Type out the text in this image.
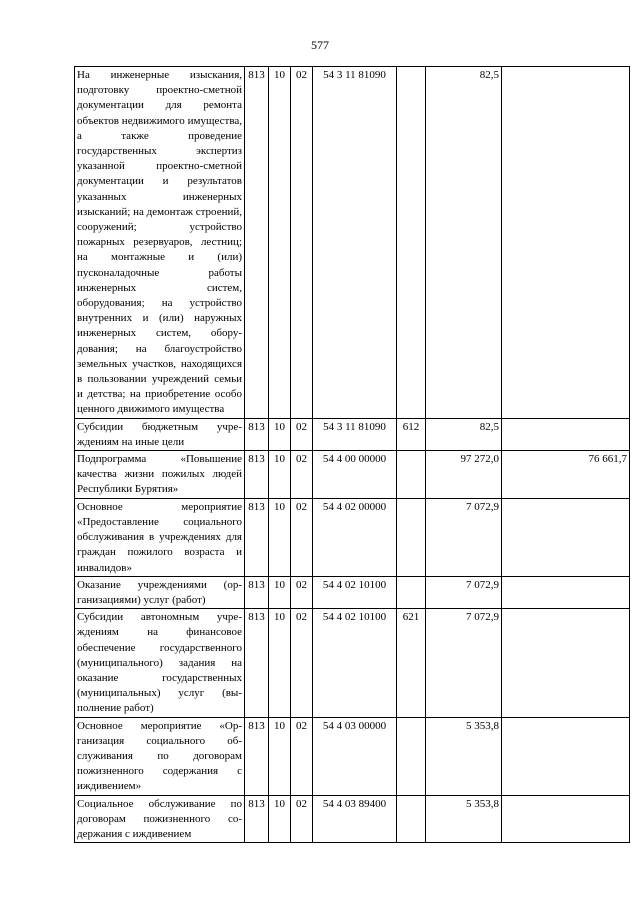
577
На инженерные изыскания, подготовку проектно-сметной документации для ремонта объектов недвижимого имущества, а также проведение государственных экспертиз указанной проектно-сметной документации и результатов указанных инженерных изысканий; на демонтаж строений, сооружений; устройство пожарных резервуаров, лестниц; на монтажные и (или) пусконаладочные работы инженерных систем, оборудования; на устройство внутренних и (или) наружных инженерных систем, оборудования; на благоустройство земельных участков, находящихся в пользовании учреждений семьи и детства; на приобретение особо ценного движимого имущества	813	10	02	54 3 11 81090		82,5	
Субсидии бюджетным учреждениям на иные цели	813	10	02	54 3 11 81090	612	82,5	
Подпрограмма «Повышение качества жизни пожилых людей Республики Бурятия»	813	10	02	54 4 00 00000		97 272,0	76 661,7
Основное мероприятие «Предоставление социального обслуживания в учреждениях для граждан пожилого возраста и инвалидов»	813	10	02	54 4 02 00000		7 072,9	
Оказание учреждениями (организациями) услуг (работ)	813	10	02	54 4 02 10100		7 072,9	
Субсидии автономным учреждениям на финансовое обеспечение государственного (муниципального) задания на оказание государственных (муниципальных) услуг (выполнение работ)	813	10	02	54 4 02 10100	621	7 072,9	
Основное мероприятие «Организация социального обслуживания по договорам пожизненного содержания с иждивением»	813	10	02	54 4 03 00000		5 353,8	
Социальное обслуживание по договорам пожизненного содержания с иждивением	813	10	02	54 4 03 89400		5 353,8	
